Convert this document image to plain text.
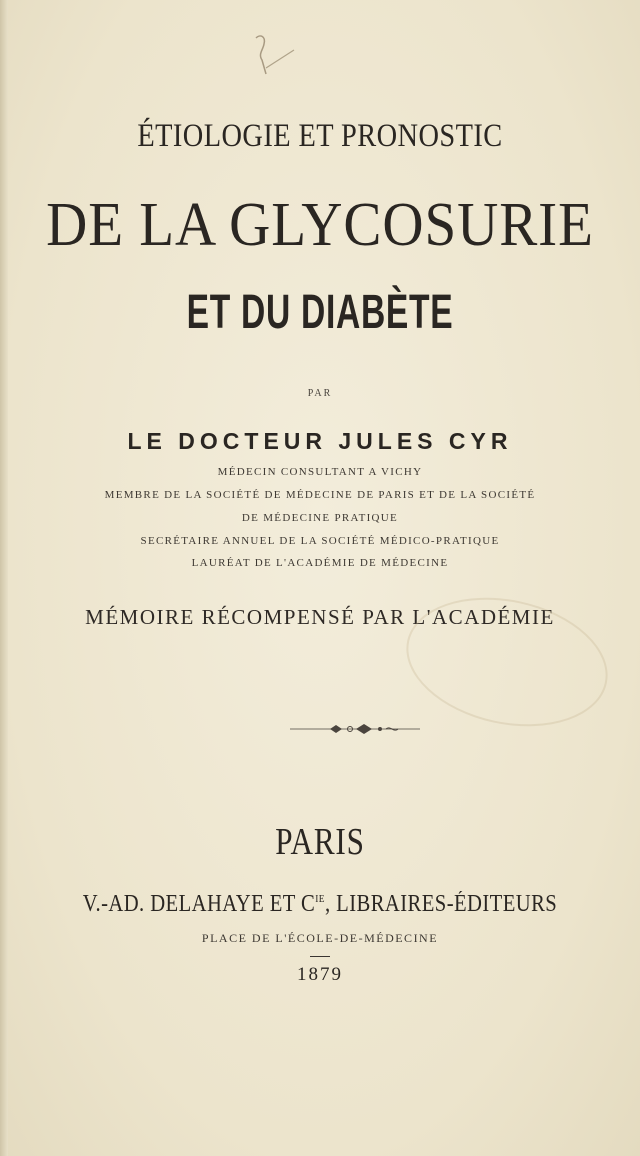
ÉTIOLOGIE ET PRONOSTIC
DE LA GLYCOSURIE
ET DU DIABÈTE
PAR
LE DOCTEUR JULES CYR
MÉDECIN CONSULTANT A VICHY
MEMBRE DE LA SOCIÉTÉ DE MÉDECINE DE PARIS ET DE LA SOCIÉTÉ
DE MÉDECINE PRATIQUE
SECRÉTAIRE ANNUEL DE LA SOCIÉTÉ MÉDICO-PRATIQUE
LAURÉAT DE L'ACADÉMIE DE MÉDECINE
MÉMOIRE RÉCOMPENSÉ PAR L'ACADÉMIE
PARIS
V.-AD. DELAHAYE ET $C^{IE}$, LIBRAIRES-ÉDITEURS
PLACE DE L'ÉCOLE-DE-MÉDECINE
1879
